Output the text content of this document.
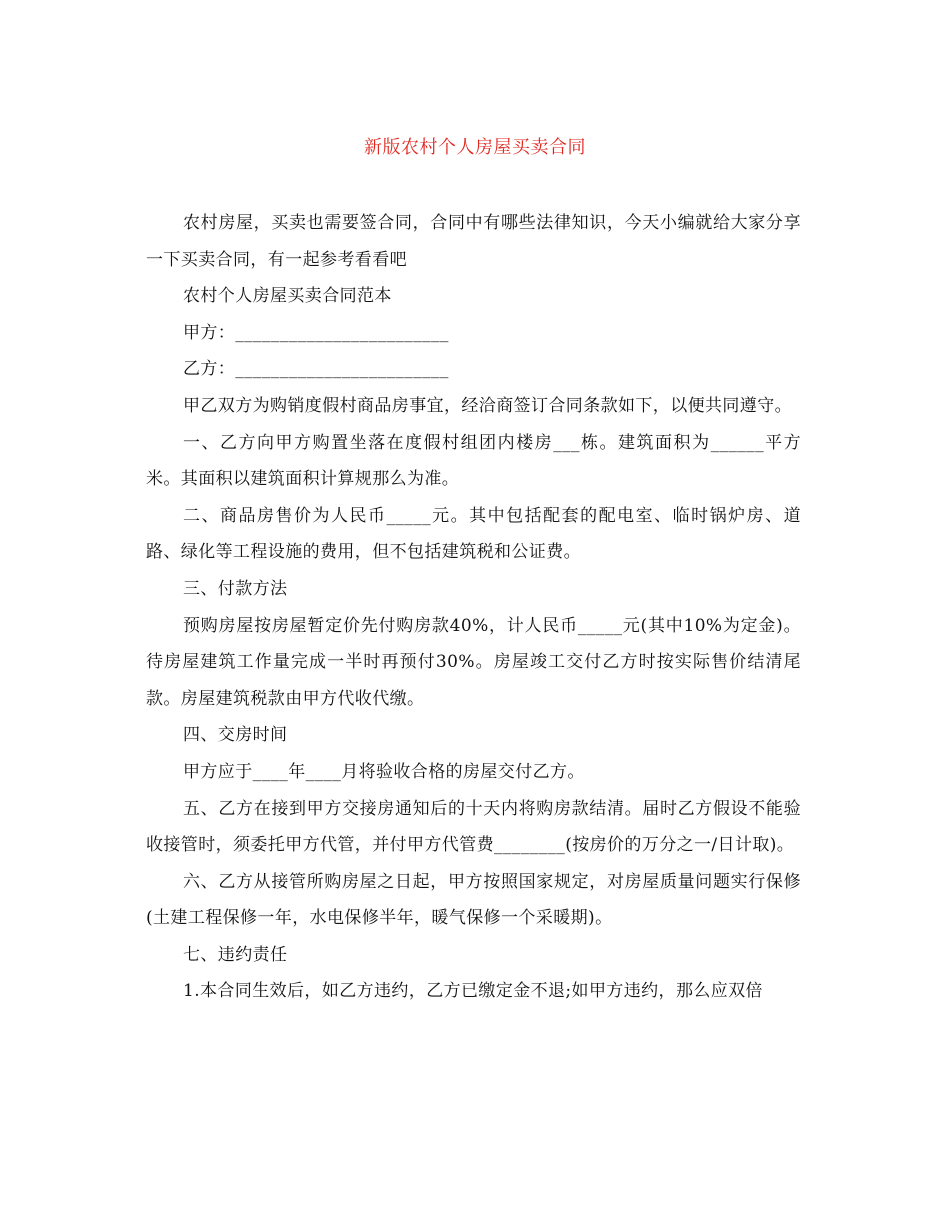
新版农村个人房屋买卖合同

农村房屋，买卖也需要签合同，合同中有哪些法律知识，今天小编就给大家分享一下买卖合同，有一起参考看看吧

农村个人房屋买卖合同范本

甲方：________________________

乙方：________________________

甲乙双方为购销度假村商品房事宜，经洽商签订合同条款如下，以便共同遵守。

一、乙方向甲方购置坐落在度假村组团内楼房___栋。建筑面积为______平方米。其面积以建筑面积计算规那么为准。

二、商品房售价为人民币_____元。其中包括配套的配电室、临时锅炉房、道路、绿化等工程设施的费用，但不包括建筑税和公证费。

三、付款方法

预购房屋按房屋暂定价先付购房款40%，计人民币_____元(其中10%为定金)。待房屋建筑工作量完成一半时再预付30%。房屋竣工交付乙方时按实际售价结清尾款。房屋建筑税款由甲方代收代缴。

四、交房时间

甲方应于____年____月将验收合格的房屋交付乙方。

五、乙方在接到甲方交接房通知后的十天内将购房款结清。届时乙方假设不能验收接管时，须委托甲方代管，并付甲方代管费________(按房价的万分之一/日计取)。

六、乙方从接管所购房屋之日起，甲方按照国家规定，对房屋质量问题实行保修(土建工程保修一年，水电保修半年，暖气保修一个采暖期)。

七、违约责任

1.本合同生效后，如乙方违约，乙方已缴定金不退;如甲方违约，那么应双倍
